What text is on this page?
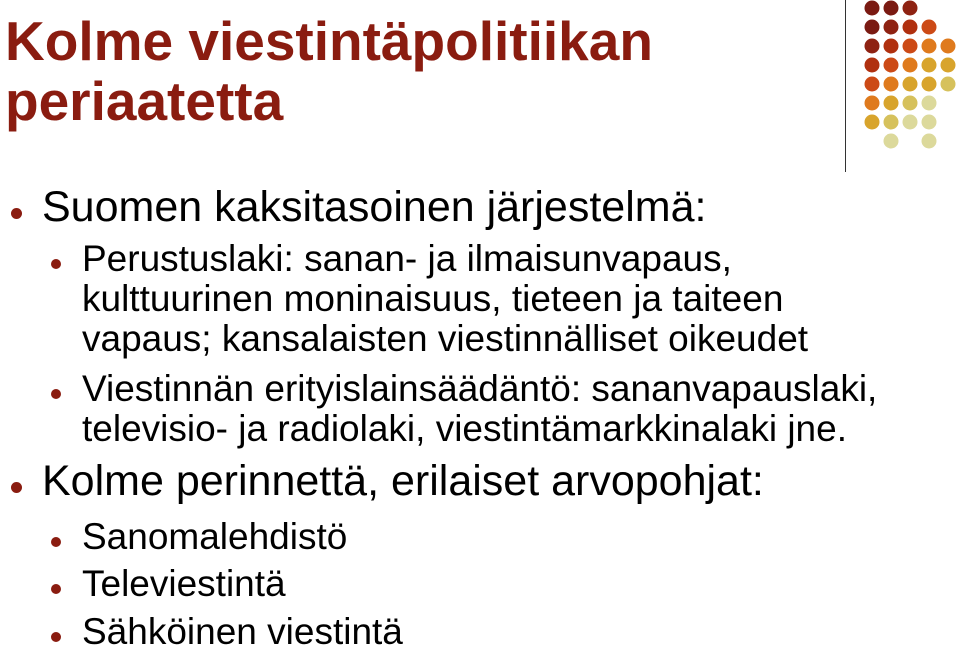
Kolme viestintäpolitiikan
periaatetta
Suomen kaksitasoinen järjestelmä:
Perustuslaki: sanan- ja ilmaisunvapaus,
kulttuurinen moninaisuus, tieteen ja taiteen
vapaus; kansalaisten viestinnälliset oikeudet
Viestinnän erityislainsäädäntö: sananvapauslaki,
televisio- ja radiolaki, viestintämarkkinalaki jne.
Kolme perinnettä, erilaiset arvopohjat:
Sanomalehdistö
Televiestintä
Sähköinen viestintä
